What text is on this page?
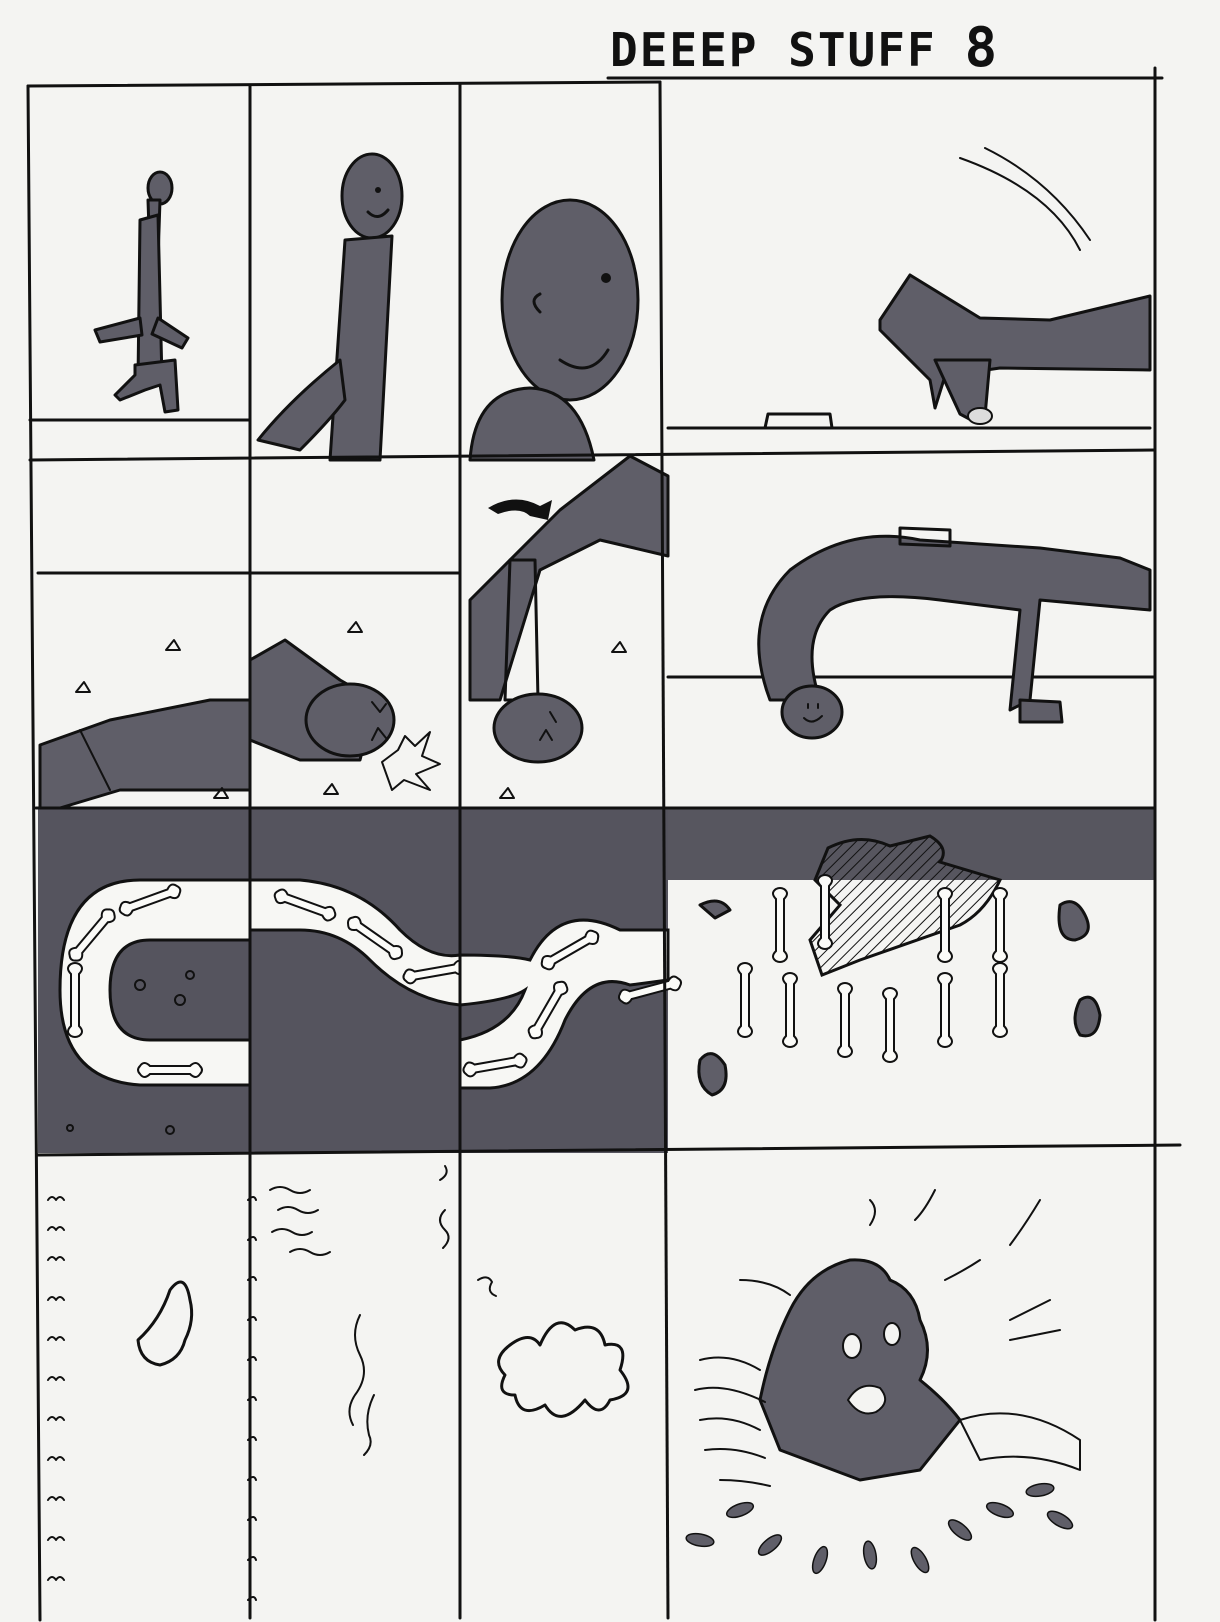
DEEEP STUFF 8
